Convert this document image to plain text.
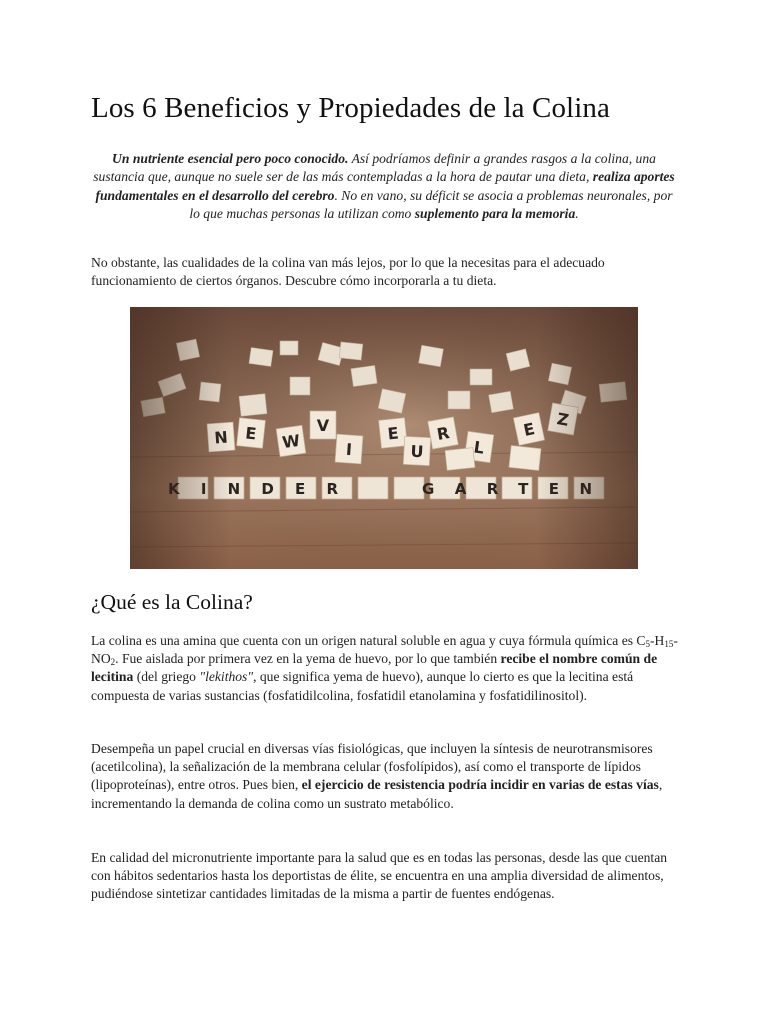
Los 6 Beneficios y Propiedades de la Colina

Un nutriente esencial pero poco conocido. Así podríamos definir a grandes rasgos a la colina, una sustancia que, aunque no suele ser de las más contempladas a la hora de pautar una dieta, realiza aportes fundamentales en el desarrollo del cerebro. No en vano, su déficit se asocia a problemas neuronales, por lo que muchas personas la utilizan como suplemento para la memoria.

No obstante, las cualidades de la colina van más lejos, por lo que la necesitas para el adecuado funcionamiento de ciertos órganos. Descubre cómo incorporarla a tu dieta.

¿Qué es la Colina?

La colina es una amina que cuenta con un origen natural soluble en agua y cuya fórmula química es $C_5-H_{15}-NO_2$. Fue aislada por primera vez en la yema de huevo, por lo que también recibe el nombre común de lecitina (del griego "lekithos", que significa yema de huevo), aunque lo cierto es que la lecitina está compuesta de varias sustancias (fosfatidilcolina, fosfatidil etanolamina y fosfatidilinositol).

Desempeña un papel crucial en diversas vías fisiológicas, que incluyen la síntesis de neurotransmisores (acetilcolina), la señalización de la membrana celular (fosfolípidos), así como el transporte de lípidos (lipoproteínas), entre otros. Pues bien, el ejercicio de resistencia podría incidir en varias de estas vías, incrementando la demanda de colina como un sustrato metabólico.

En calidad del micronutriente importante para la salud que es en todas las personas, desde las que cuentan con hábitos sedentarios hasta los deportistas de élite, se encuentra en una amplia diversidad de alimentos, pudiéndose sintetizar cantidades limitadas de la misma a partir de fuentes endógenas.
